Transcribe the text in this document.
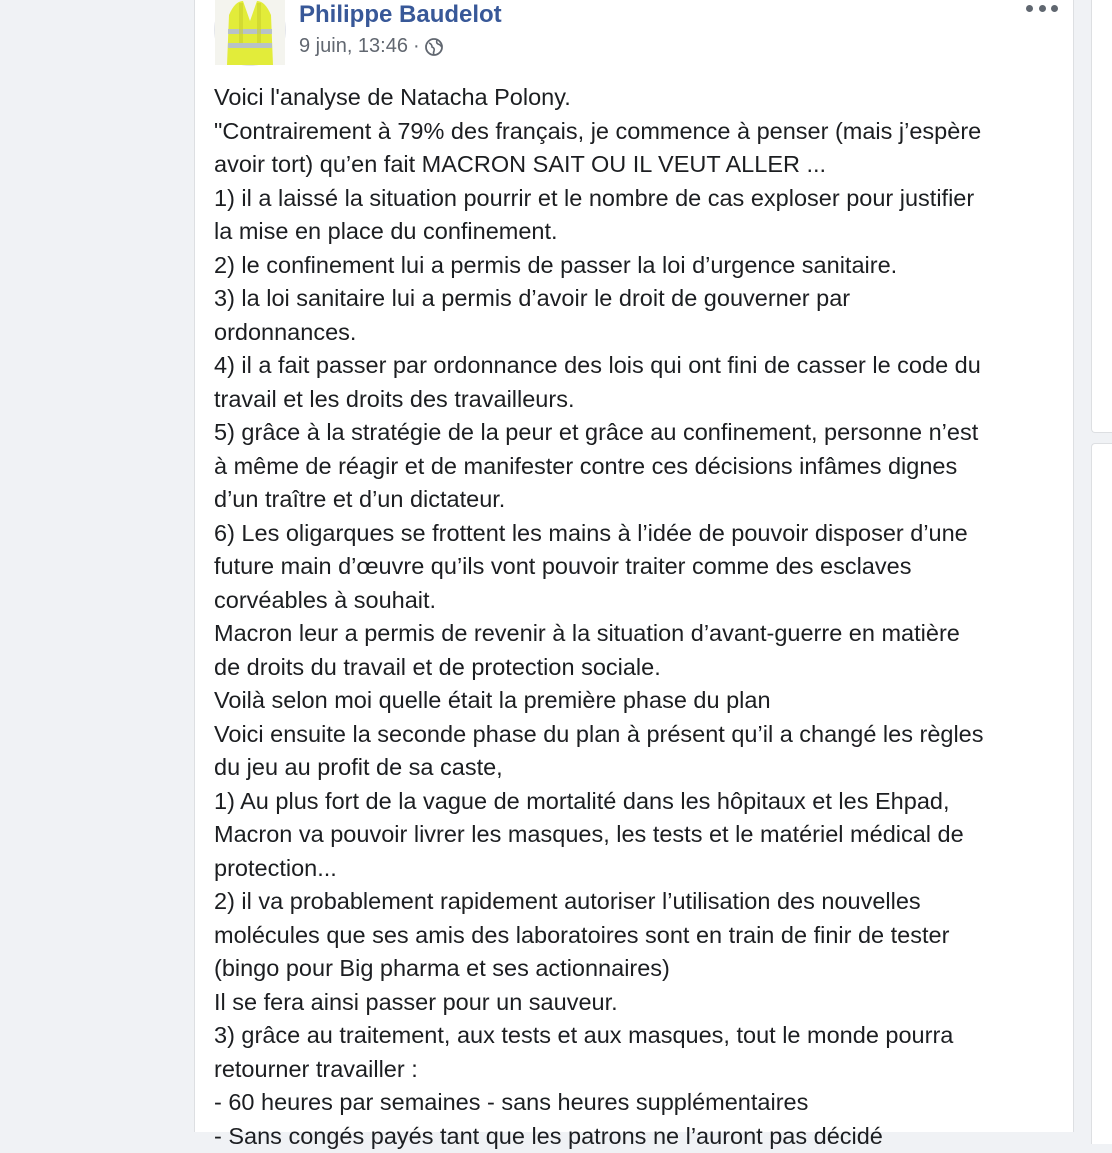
Philippe Baudelot
9 juin, 13:46 ·

Voici l'analyse de Natacha Polony.

"Contrairement à 79% des français, je commence à penser (mais j’espère

avoir tort) qu’en fait MACRON SAIT OU IL VEUT ALLER ...

1) il a laissé la situation pourrir et le nombre de cas exploser pour justifier

la mise en place du confinement.

2) le confinement lui a permis de passer la loi d’urgence sanitaire.

3) la loi sanitaire lui a permis d’avoir le droit de gouverner par

ordonnances.

4) il a fait passer par ordonnance des lois qui ont fini de casser le code du

travail et les droits des travailleurs.

5) grâce à la stratégie de la peur et grâce au confinement, personne n’est

à même de réagir et de manifester contre ces décisions infâmes dignes

d’un traître et d’un dictateur.

6) Les oligarques se frottent les mains à l’idée de pouvoir disposer d’une

future main d’œuvre qu’ils vont pouvoir traiter comme des esclaves

corvéables à souhait.

Macron leur a permis de revenir à la situation d’avant-guerre en matière

de droits du travail et de protection sociale.

Voilà selon moi quelle était la première phase du plan

Voici ensuite la seconde phase du plan à présent qu’il a changé les règles

du jeu au profit de sa caste,

1) Au plus fort de la vague de mortalité dans les hôpitaux et les Ehpad,

Macron va pouvoir livrer les masques, les tests et le matériel médical de

protection...

2) il va probablement rapidement autoriser l’utilisation des nouvelles

molécules que ses amis des laboratoires sont en train de finir de tester

(bingo pour Big pharma et ses actionnaires)

Il se fera ainsi passer pour un sauveur.

3) grâce au traitement, aux tests et aux masques, tout le monde pourra

retourner travailler :

- 60 heures par semaines - sans heures supplémentaires

- Sans congés payés tant que les patrons ne l’auront pas décidé
